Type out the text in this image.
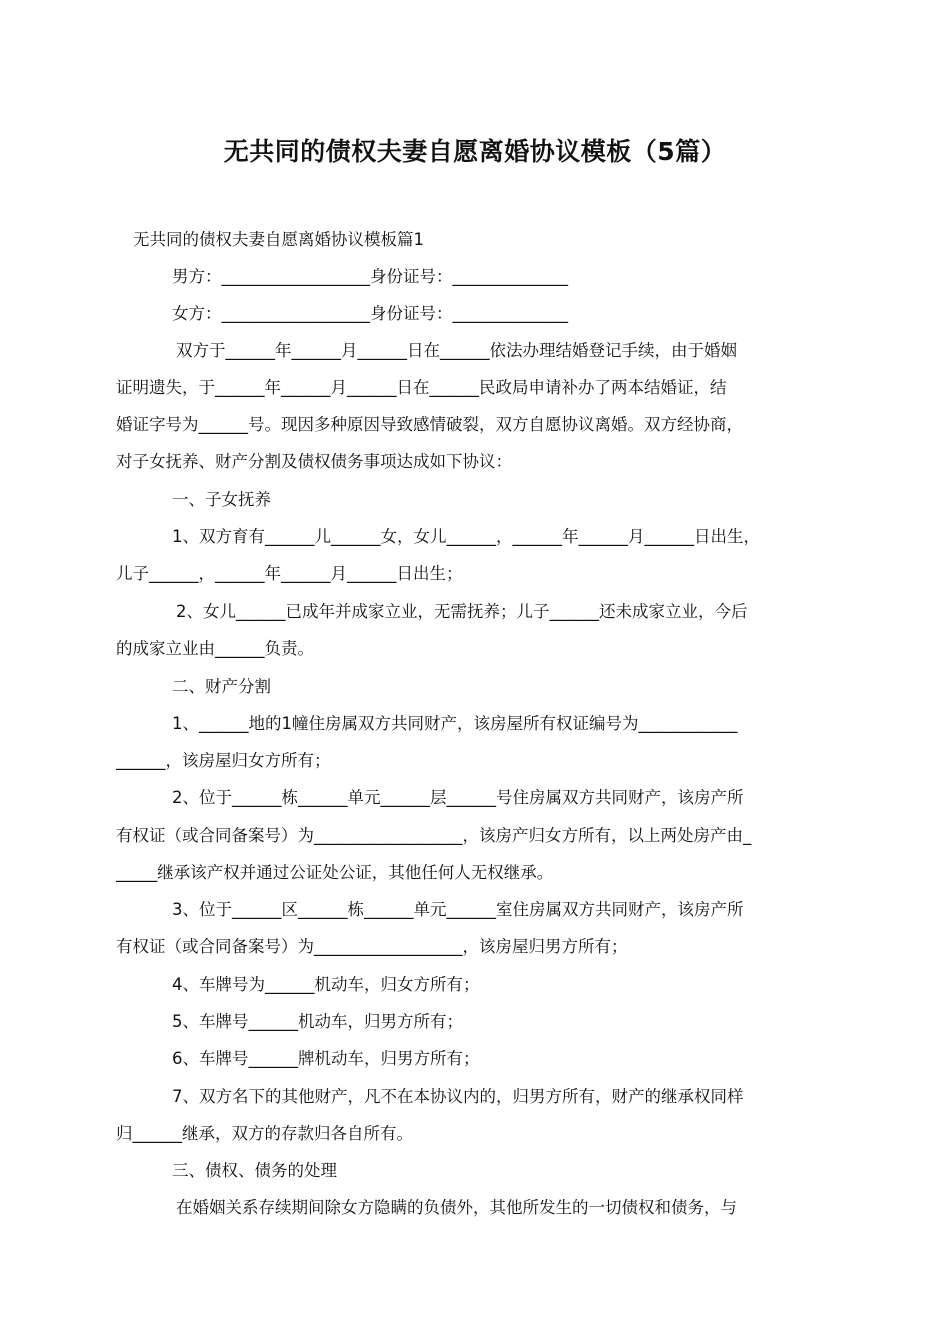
无共同的债权夫妻自愿离婚协议模板（5篇）

无共同的债权夫妻自愿离婚协议模板篇1

男方：__________________身份证号：______________

女方：__________________身份证号：______________

双方于______年______月______日在______依法办理结婚登记手续，由于婚姻

证明遗失，于______年______月______日在______民政局申请补办了两本结婚证，结

婚证字号为______号。现因多种原因导致感情破裂，双方自愿协议离婚。双方经协商，

对子女抚养、财产分割及债权债务事项达成如下协议：

一、子女抚养

1、双方育有______儿______女，女儿______，______年______月______日出生，

儿子______，______年______月______日出生；

2、女儿______已成年并成家立业，无需抚养；儿子______还未成家立业，今后

的成家立业由______负责。

二、财产分割

1、______地的1幢住房属双方共同财产，该房屋所有权证编号为____________

______，该房屋归女方所有；

2、位于______栋______单元______层______号住房属双方共同财产，该房产所

有权证（或合同备案号）为__________________，该房产归女方所有，以上两处房产由_

_____继承该产权并通过公证处公证，其他任何人无权继承。

3、位于______区______栋______单元______室住房属双方共同财产，该房产所

有权证（或合同备案号）为__________________，该房屋归男方所有；

4、车牌号为______机动车，归女方所有；

5、车牌号______机动车，归男方所有；

6、车牌号______牌机动车，归男方所有；

7、双方名下的其他财产，凡不在本协议内的，归男方所有，财产的继承权同样

归______继承，双方的存款归各自所有。

三、债权、债务的处理

在婚姻关系存续期间除女方隐瞒的负债外，其他所发生的一切债权和债务，与
